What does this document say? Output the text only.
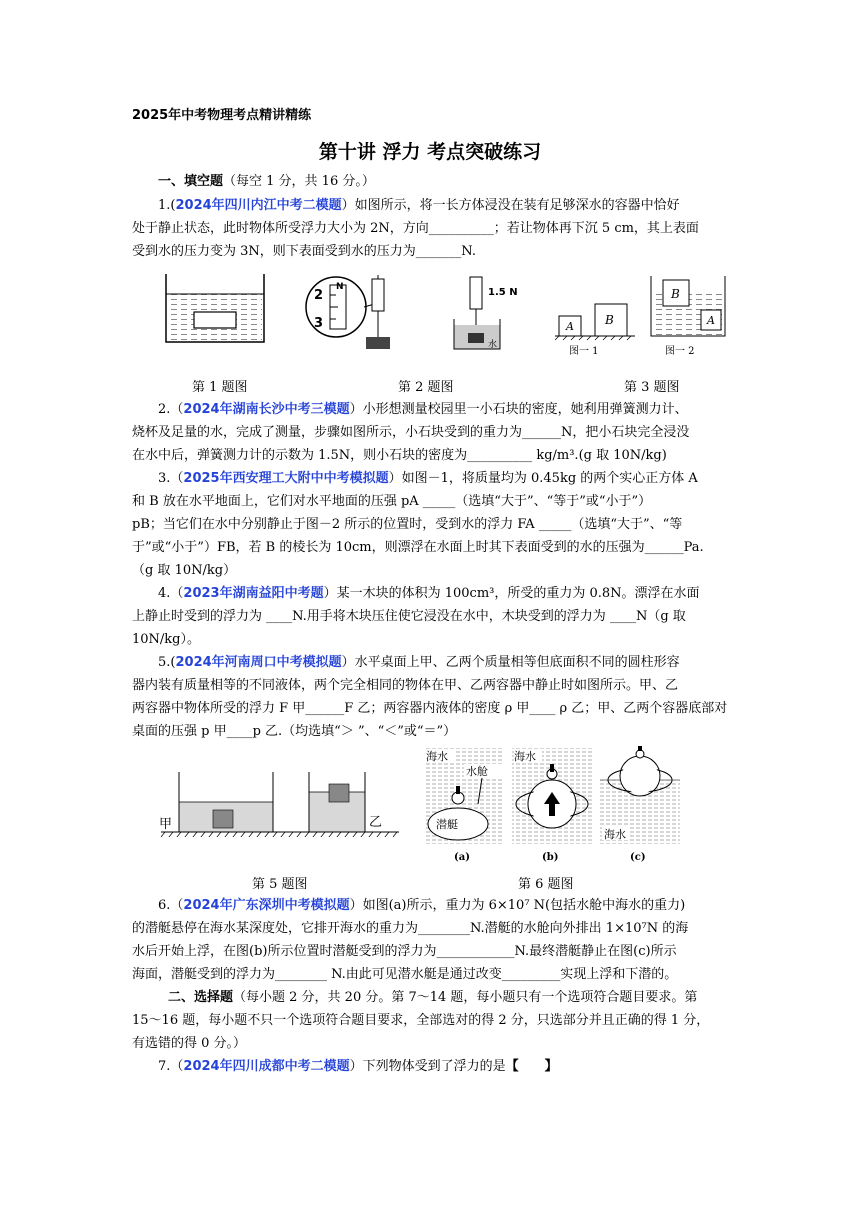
2025年中考物理考点精讲精练
第十讲 浮力 考点突破练习
一、填空题（每空 1 分，共 16 分。）
1.(2024年四川内江中考二模题）如图所示，将一长方体浸没在装有足够深水的容器中恰好
处于静止状态，此时物体所受浮力大小为 2N，方向__________；若让物体再下沉 5 cm，其上表面
受到水的压力变为 3N，则下表面受到水的压力为_______N.
2
N
3
1.5 N
水
A	B
图一 1
B
A
图一 2
第 1 题图	第 2 题图	第 3 题图
2.（2024年湖南长沙中考三模题）小形想测量校园里一小石块的密度，她利用弹簧测力计、
烧杯及足量的水，完成了测量，步骤如图所示，小石块受到的重力为______N，把小石块完全浸没
在水中后，弹簧测力计的示数为 1.5N，则小石块的密度为__________ kg/m³.(g 取 10N/kg)
3.（2025年西安理工大附中中考模拟题）如图－1，将质量均为 0.45kg 的两个实心正方体 A
和 B 放在水平地面上，它们对水平地面的压强 pA _____（选填“大于”、“等于”或“小于”）
pB；当它们在水中分别静止于图－2 所示的位置时，受到水的浮力 FA _____（选填“大于”、“等
于”或“小于”）FB，若 B 的棱长为 10cm，则漂浮在水面上时其下表面受到的水的压强为______Pa.
（g 取 10N/kg）
4.（2023年湖南益阳中考题）某一木块的体积为 100cm³，所受的重力为 0.8N。漂浮在水面
上静止时受到的浮力为 ____N.用手将木块压住使它浸没在水中，木块受到的浮力为 ____N（g 取
10N/kg）。
5.(2024年河南周口中考模拟题）水平桌面上甲、乙两个质量相等但底面积不同的圆柱形容
器内装有质量相等的不同液体，两个完全相同的物体在甲、乙两容器中静止时如图所示。甲、乙
两容器中物体所受的浮力 F 甲______F 乙；两容器内液体的密度 ρ 甲____ ρ 乙；甲、乙两个容器底部对
桌面的压强 p 甲____p 乙.（均选填“＞ ”、“＜”或“＝”）
甲	乙
海水
水舱
潜艇
(a)
海水
(b)
海水
(c)
第 5 题图	第 6 题图
6.（2024年广东深圳中考模拟题）如图(a)所示，重力为 6×10⁷ N(包括水舱中海水的重力)
的潜艇悬停在海水某深度处，它排开海水的重力为________N.潜艇的水舱向外排出 1×10⁷N 的海
水后开始上浮，在图(b)所示位置时潜艇受到的浮力为____________N.最终潜艇静止在图(c)所示
海面，潜艇受到的浮力为________ N.由此可见潜水艇是通过改变_________实现上浮和下潜的。
二、选择题（每小题 2 分，共 20 分。第 7～14 题，每小题只有一个选项符合题目要求。第
15～16 题，每小题不只一个选项符合题目要求，全部选对的得 2 分，只选部分并且正确的得 1 分，
有选错的得 0 分。）
7.（2024年四川成都中考二模题）下列物体受到了浮力的是【　　】
